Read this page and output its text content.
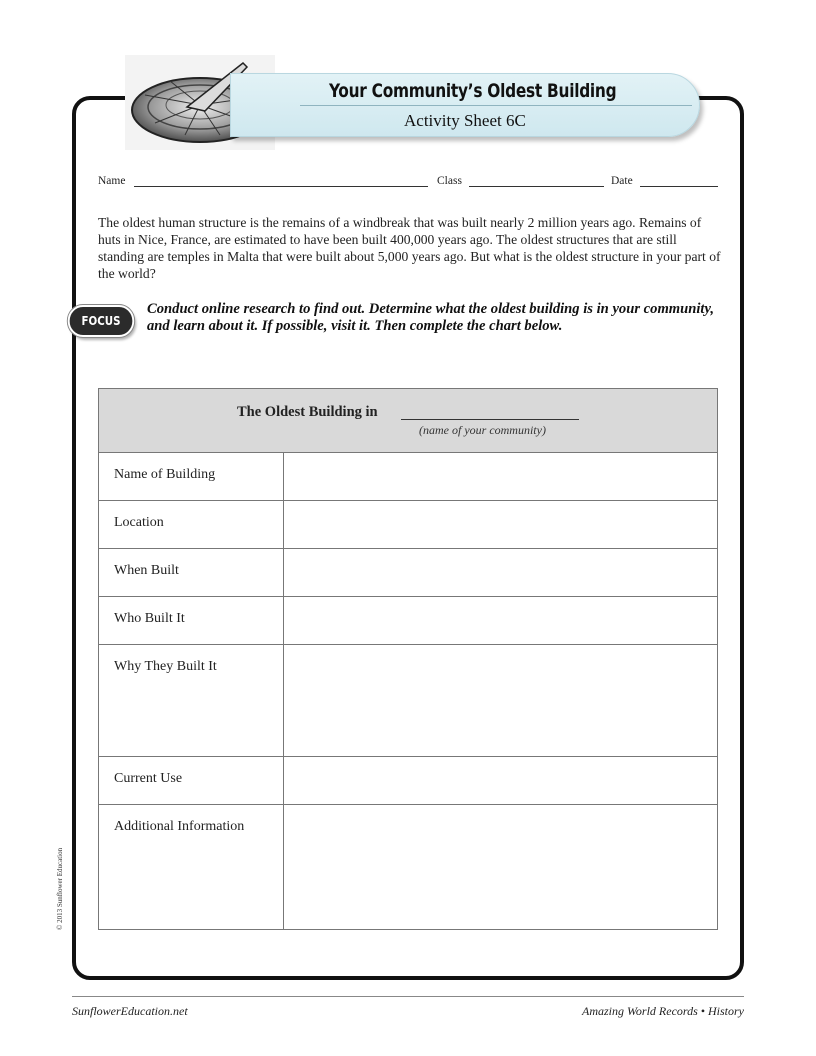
Your Community’s Oldest Building
Activity Sheet 6C
Name	Class	Date

The oldest human structure is the remains of a windbreak that was built nearly 2 million years ago. Remains of huts in Nice, France, are estimated to have been built 400,000 years ago. The oldest structures that are still standing are temples in Malta that were built about 5,000 years ago. But what is the oldest structure in your part of the world?

FOCUS

Conduct online research to find out. Determine what the oldest building is in your community, and learn about it. If possible, visit it. Then complete the chart below.

The Oldest Building in
(name of your community)
Name of Building
Location
When Built
Who Built It
Why They Built It
Current Use
Additional Information
© 2013 Sunflower Education
SunflowerEducation.net	Amazing World Records • History
